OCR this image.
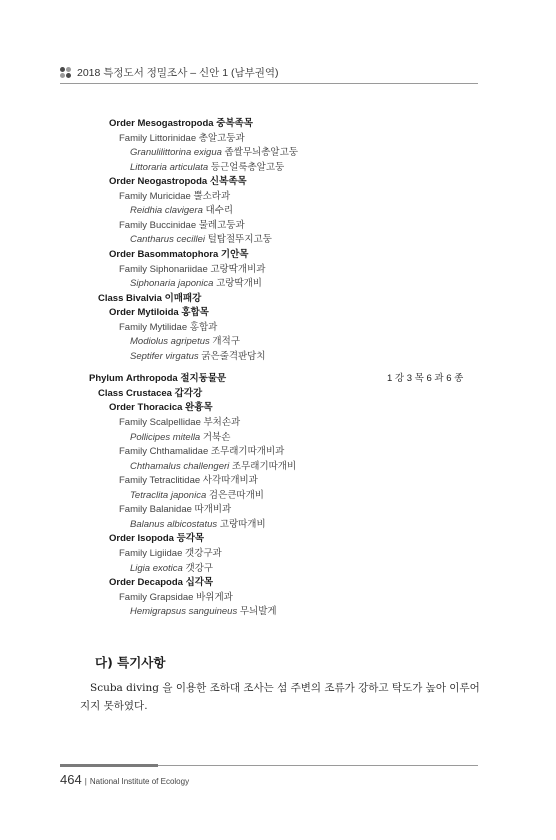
2018 특정도서 정밀조사 – 신안 1 (남부권역)
Order Mesogastropoda 중복족목
Family Littorinidae 총알고둥과
Granulilittorina exigua 좁쌀무늬총알고둥
Littoraria articulata 등근얼룩총알고둥
Order Neogastropoda 신복족목
Family Muricidae 뿔소라과
Reidhia clavigera 대수리
Family Buccinidae 물레고둥과
Cantharus cecillei 털탑절뚜지고둥
Order Basommatophora 기안목
Family Siphonariidae 고랑딱개비과
Siphonaria japonica 고랑딱개비
Class Bivalvia 이매패강
Order Mytiloida 홍합목
Family Mytilidae 홍합과
Modiolus agripetus 개적구
Septifer virgatus 굵은줄격판담치
Phylum Arthropoda 절지동물문	1 강 3 목 6 과 6 종
Class Crustacea 갑각강
Order Thoracica 완흉목
Family Scalpellidae 부처손과
Pollicipes mitella 거북손
Family Chthamalidae 조무래기따개비과
Chthamalus challengeri 조무래기따개비
Family Tetraclitidae 사각따개비과
Tetraclita japonica 검은큰따개비
Family Balanidae 따개비과
Balanus albicostatus 고랑따개비
Order Isopoda 등각목
Family Ligiidae 갯강구과
Ligia exotica 갯강구
Order Decapoda 십각목
Family Grapsidae 바위게과
Hemigrapsus sanguineus 무늬발게
다) 특기사항
Scuba diving 을 이용한 조하대 조사는 섬 주변의 조류가 강하고 탁도가 높아 이루어지지 못하였다.
464 | National Institute of Ecology
